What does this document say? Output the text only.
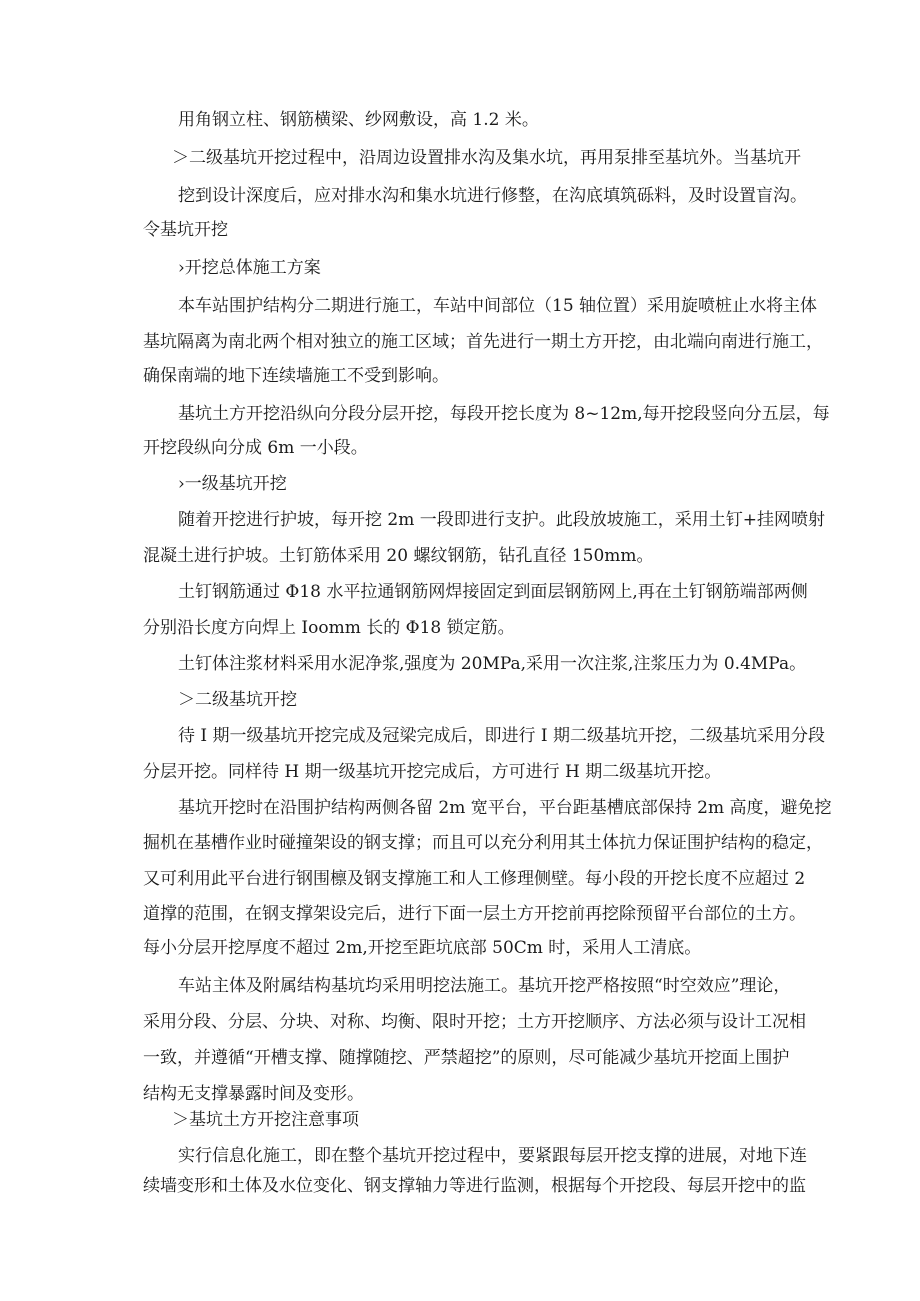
用角钢立柱、钢筋横梁、纱网敷设，高 1.2 米。

＞二级基坑开挖过程中，沿周边设置排水沟及集水坑，再用泵排至基坑外。当基坑开

挖到设计深度后，应对排水沟和集水坑进行修整，在沟底填筑砾料，及时设置盲沟。

令基坑开挖

›开挖总体施工方案

本车站围护结构分二期进行施工，车站中间部位（15 轴位置）采用旋喷桩止水将主体

基坑隔离为南北两个相对独立的施工区域；首先进行一期土方开挖，由北端向南进行施工，

确保南端的地下连续墙施工不受到影响。

基坑土方开挖沿纵向分段分层开挖，每段开挖长度为 8~12m,每开挖段竖向分五层，每

开挖段纵向分成 6m 一小段。

›一级基坑开挖

随着开挖进行护坡，每开挖 2m 一段即进行支护。此段放坡施工，采用土钉+挂网喷射

混凝土进行护坡。土钉筋体采用 20 螺纹钢筋，钻孔直径 150mm。

土钉钢筋通过 Φ18 水平拉通钢筋网焊接固定到面层钢筋网上,再在土钉钢筋端部两侧

分别沿长度方向焊上 Ioomm 长的 Φ18 锁定筋。

土钉体注浆材料采用水泥净浆,强度为 20MPa,采用一次注浆,注浆压力为 0.4MPa。

＞二级基坑开挖

待 I 期一级基坑开挖完成及冠梁完成后，即进行 I 期二级基坑开挖，二级基坑采用分段

分层开挖。同样待 H 期一级基坑开挖完成后，方可进行 H 期二级基坑开挖。

基坑开挖时在沿围护结构两侧各留 2m 宽平台，平台距基槽底部保持 2m 高度，避免挖

掘机在基槽作业时碰撞架设的钢支撑；而且可以充分利用其土体抗力保证围护结构的稳定，

又可利用此平台进行钢围檩及钢支撑施工和人工修理侧壁。每小段的开挖长度不应超过 2

道撑的范围，在钢支撑架设完后，进行下面一层土方开挖前再挖除预留平台部位的土方。

每小分层开挖厚度不超过 2m,开挖至距坑底部 50Cm 时，采用人工清底。

车站主体及附属结构基坑均采用明挖法施工。基坑开挖严格按照“时空效应”理论，

采用分段、分层、分块、对称、均衡、限时开挖；土方开挖顺序、方法必须与设计工况相

一致，并遵循“开槽支撑、随撑随挖、严禁超挖”的原则，尽可能减少基坑开挖面上围护

结构无支撑暴露时间及变形。

＞基坑土方开挖注意事项

实行信息化施工，即在整个基坑开挖过程中，要紧跟每层开挖支撑的进展，对地下连

续墙变形和土体及水位变化、钢支撑轴力等进行监测，根据每个开挖段、每层开挖中的监
